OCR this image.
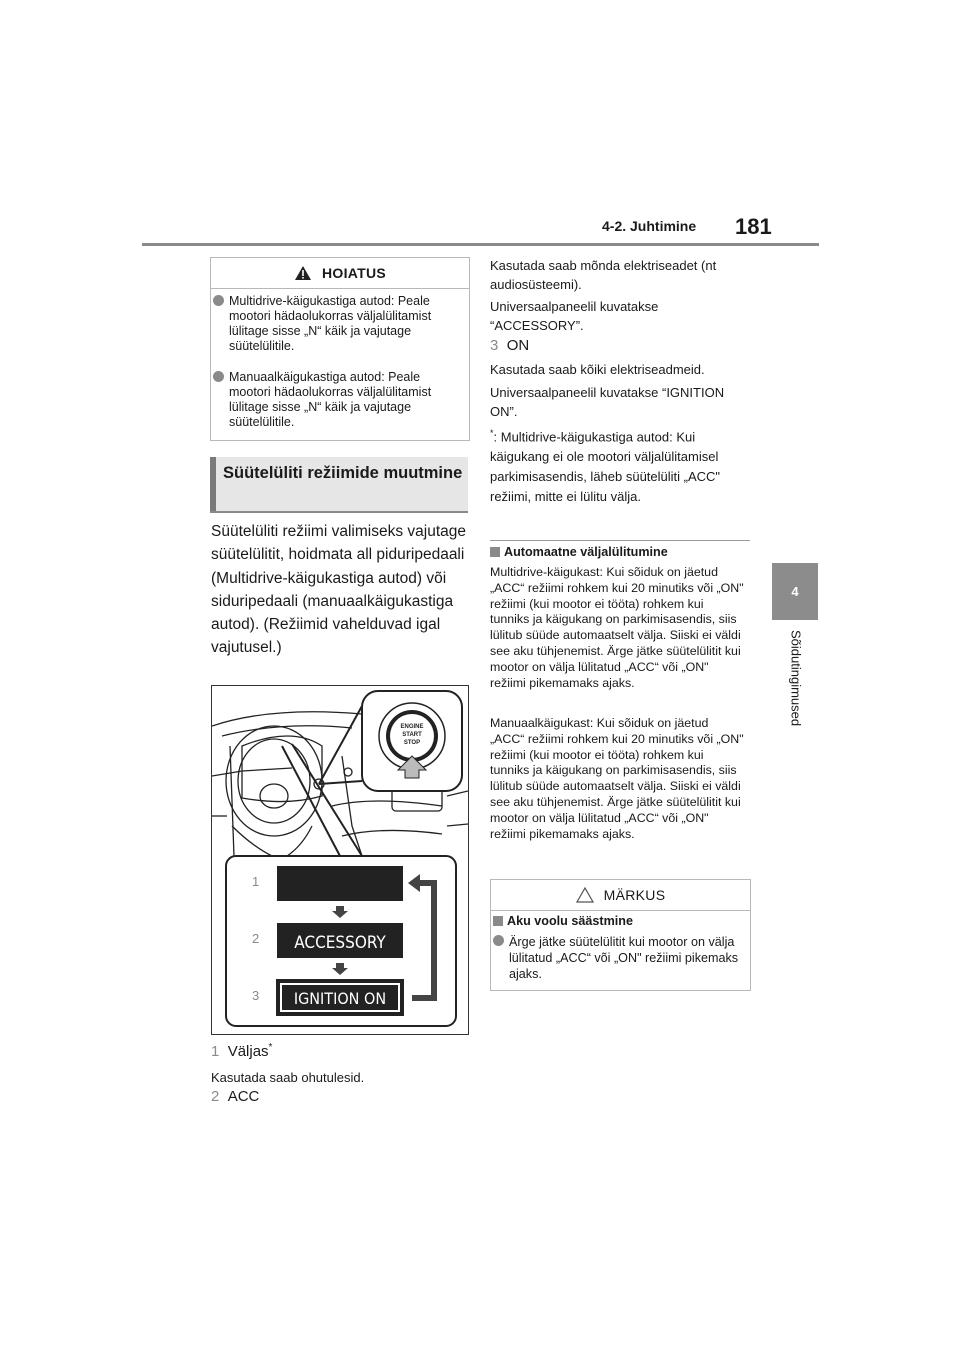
4-2. Juhtimine 181
4
Sõidutingimused
HOIATUS
Multidrive-käigukastiga autod: Peale mootori hädaolukorras väljalülitamist lülitage sisse „N“ käik ja vajutage süütelülitile.
Manuaalkäigukastiga autod: Peale mootori hädaolukorras väljalülitamist lülitage sisse „N“ käik ja vajutage süütelülitile.
Süütelüliti režiimide muutmine
Süütelüliti režiimi valimiseks vajutage süütelülitit, hoidmata all piduripedaali (Multidrive-käigukastiga autod) või siduripedaali (manuaalkäigukastiga autod). (Režiimid vahelduvad igal vajutusel.)
ENGINE
START
STOP
1
2
3
ACCESSORY
IGNITION ON
1 Väljas*
Kasutada saab ohutulesid.
2 ACC
Kasutada saab mõnda elektriseadet (nt audiosüsteemi).
Universaalpaneelil kuvatakse “ACCESSORY”.
3 ON
Kasutada saab kõiki elektriseadmeid.
Universaalpaneelil kuvatakse “IGNITION ON”.
*: Multidrive-käigukastiga autod: Kui käigukang ei ole mootori väljalülitamisel parkimisasendis, läheb süütelüliti „ACC" režiimi, mitte ei lülitu välja.
Automaatne väljalülitumine
Multidrive-käigukast: Kui sõiduk on jäetud „ACC“ režiimi rohkem kui 20 minutiks või „ON" režiimi (kui mootor ei tööta) rohkem kui tunniks ja käigukang on parkimisasendis, siis lülitub süüde automaatselt välja. Siiski ei väldi see aku tühjenemist. Ärge jätke süütelülitit kui mootor on välja lülitatud „ACC“ või „ON" režiimi pikemamaks ajaks.
Manuaalkäigukast: Kui sõiduk on jäetud „ACC“ režiimi rohkem kui 20 minutiks või „ON" režiimi (kui mootor ei tööta) rohkem kui tunniks ja käigukang on parkimisasendis, siis lülitub süüde automaatselt välja. Siiski ei väldi see aku tühjenemist. Ärge jätke süütelülitit kui mootor on välja lülitatud „ACC“ või „ON" režiimi pikemamaks ajaks.
MÄRKUS
Aku voolu säästmine
Ärge jätke süütelülitit kui mootor on välja lülitatud „ACC“ või „ON" režiimi pikemaks ajaks.
